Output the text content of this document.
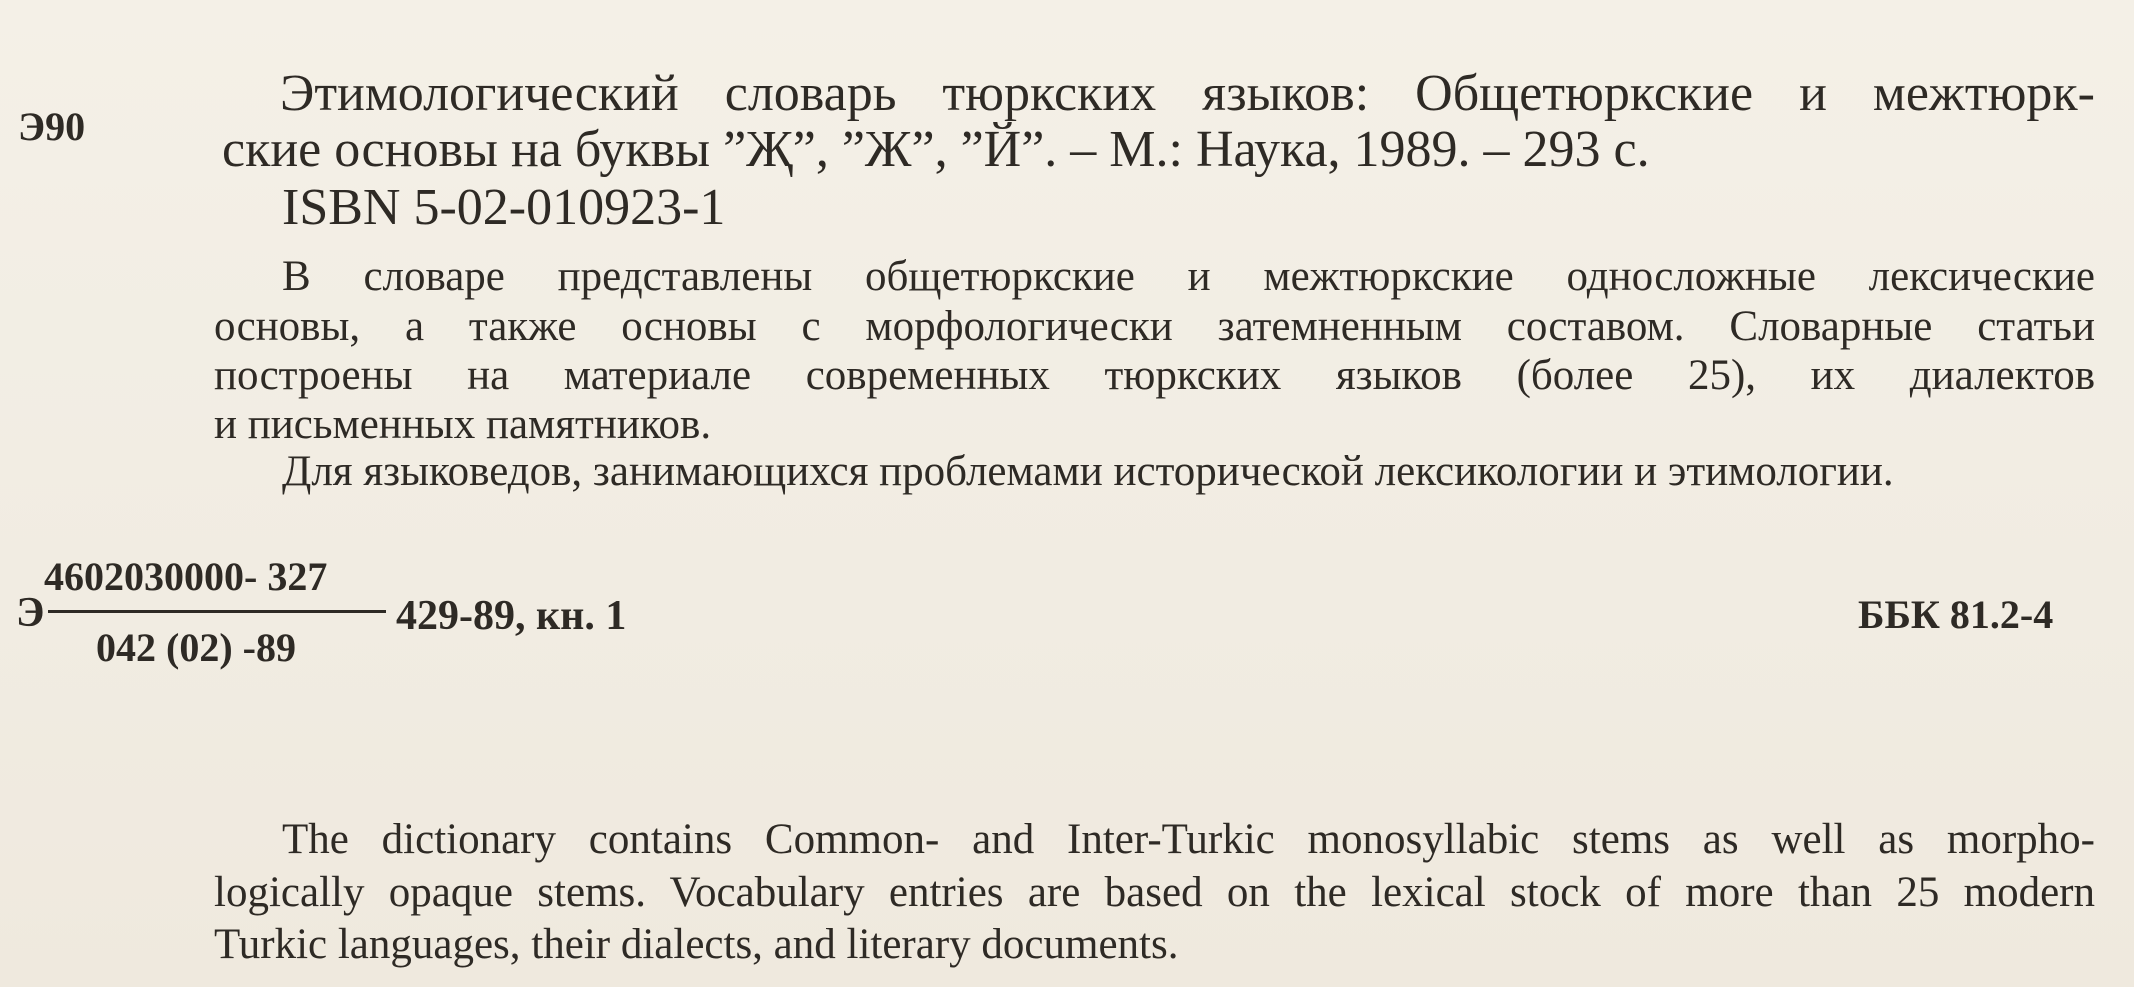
Э90
Этимологический словарь тюркских языков: Общетюркские и межтюрк-
ские основы на буквы ”Җ”, ”Ж”, ”Й”. – М.: Наука, 1989. – 293 с.
ISBN 5-02-010923-1
В словаре представлены общетюркские и межтюркские односложные лексические
основы, а также основы с морфологически затемненным составом. Словарные статьи
построены на материале современных тюркских языков (более 25), их диалектов
и письменных памятников.
Для языковедов, занимающихся проблемами исторической лексикологии и этимологии.
Э
4602030000- 327
042 (02) -89
429-89, кн. 1	ББК 81.2-4
The dictionary contains Common- and Inter-Turkic monosyllabic stems as well as morpho-
logically opaque stems. Vocabulary entries are based on the lexical stock of more than 25 modern
Turkic languages, their dialects, and literary documents.
